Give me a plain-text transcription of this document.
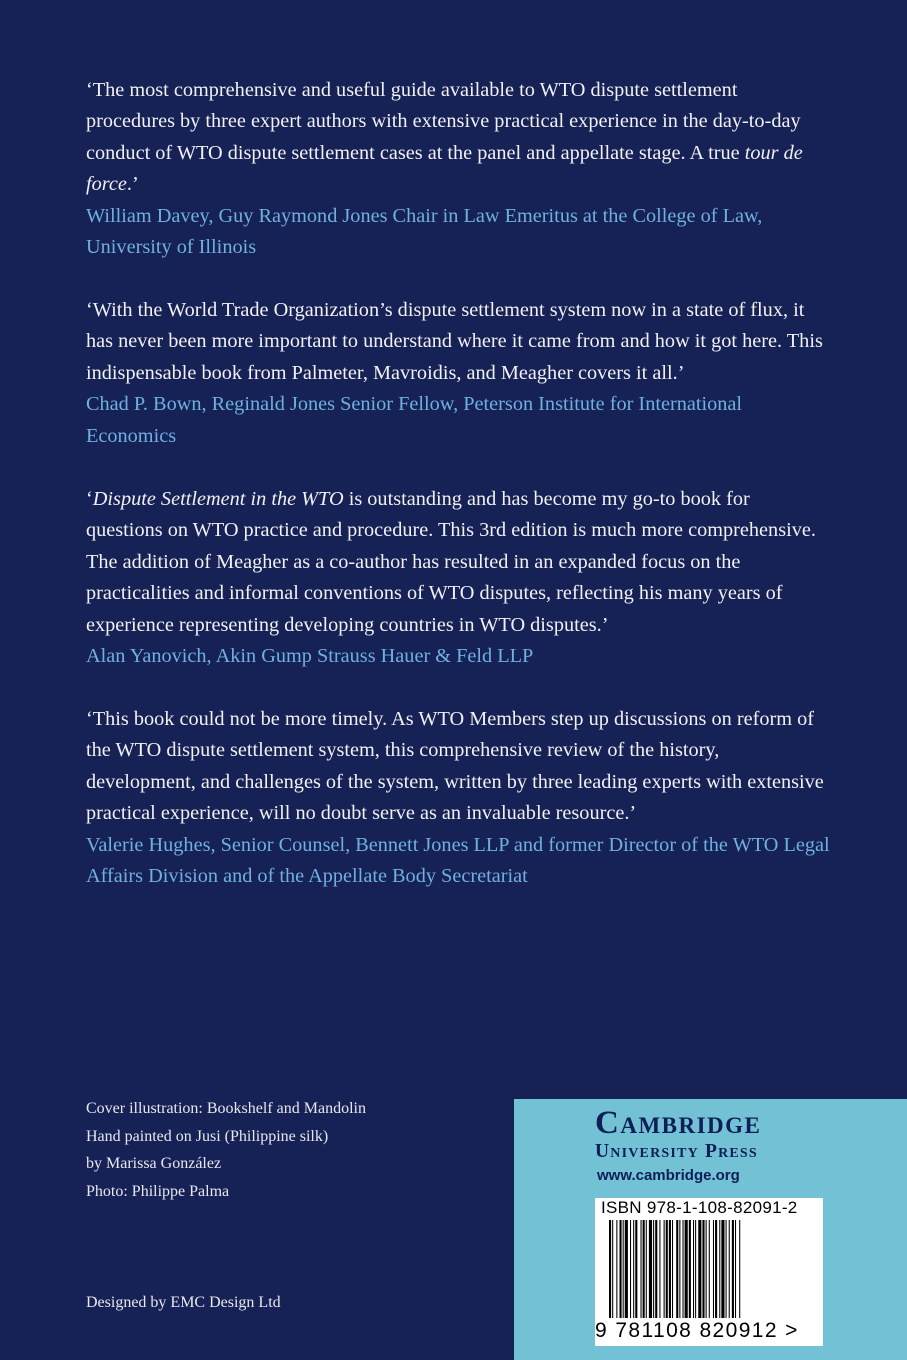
‘The most comprehensive and useful guide available to WTO dispute settlement procedures by three expert authors with extensive practical experience in the day-to-day conduct of WTO dispute settlement cases at the panel and appellate stage. A true tour de force.’

William Davey, Guy Raymond Jones Chair in Law Emeritus at the College of Law, University of Illinois

‘With the World Trade Organization’s dispute settlement system now in a state of flux, it has never been more important to understand where it came from and how it got here. This indispensable book from Palmeter, Mavroidis, and Meagher covers it all.’

Chad P. Bown, Reginald Jones Senior Fellow, Peterson Institute for International Economics

‘Dispute Settlement in the WTO is outstanding and has become my go-to book for questions on WTO practice and procedure. This 3rd edition is much more comprehensive. The addition of Meagher as a co-author has resulted in an expanded focus on the practicalities and informal conventions of WTO disputes, reflecting his many years of experience representing developing countries in WTO disputes.’

Alan Yanovich, Akin Gump Strauss Hauer & Feld LLP

‘This book could not be more timely. As WTO Members step up discussions on reform of the WTO dispute settlement system, this comprehensive review of the history, development, and challenges of the system, written by three leading experts with extensive practical experience, will no doubt serve as an invaluable resource.’

Valerie Hughes, Senior Counsel, Bennett Jones LLP and former Director of the WTO Legal Affairs Division and of the Appellate Body Secretariat

Cover illustration: Bookshelf and Mandolin
Hand painted on Jusi (Philippine silk)
by Marissa González
Photo: Philippe Palma
Designed by EMC Design Ltd
Cambridge
University Press
www.cambridge.org
ISBN 978-1-108-82091-2
9 781108 820912 >
